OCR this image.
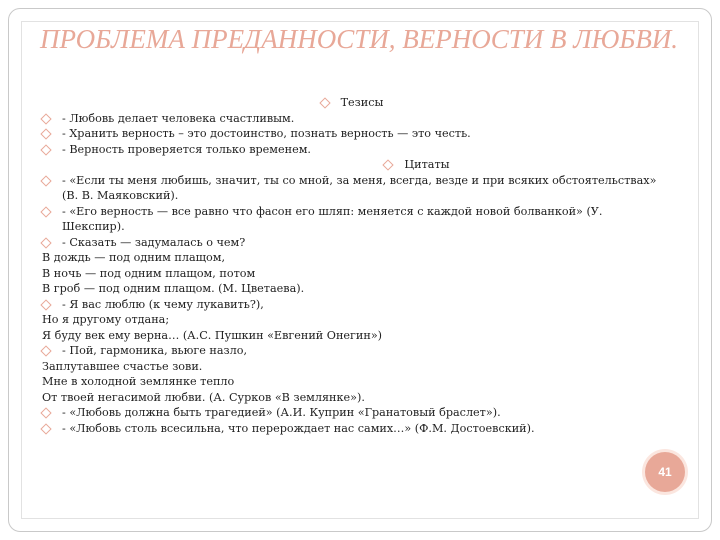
ПРОБЛЕМА ПРЕДАННОСТИ, ВЕРНОСТИ В ЛЮБВИ.
Тезисы
- Любовь делает человека счастливым.
- Хранить верность – это достоинство, познать верность — это честь.
- Верность проверяется только временем.
Цитаты
- «Если ты меня любишь, значит, ты со мной, за меня, всегда, везде и при всяких обстоятельствах» (В. В. Маяковский).
- «Его верность — все равно что фасон его шляп: меняется с каждой новой болванкой» (У. Шекспир).
- Сказать — задумалась о чем?
В дождь — под одним плащом,
В ночь — под одним плащом, потом
В гроб — под одним плащом. (М. Цветаева).
- Я вас люблю (к чему лукавить?),
Но я другому отдана;
Я буду век ему верна… (А.С. Пушкин «Евгений Онегин»)
- Пой, гармоника, вьюге назло,
Заплутавшее счастье зови.
Мне в холодной землянке тепло
От твоей негасимой любви. (А. Сурков «В землянке»).
- «Любовь должна быть трагедией» (А.И. Куприн «Гранатовый браслет»).
- «Любовь столь всесильна, что перерождает нас самих…» (Ф.М. Достоевский).
41
